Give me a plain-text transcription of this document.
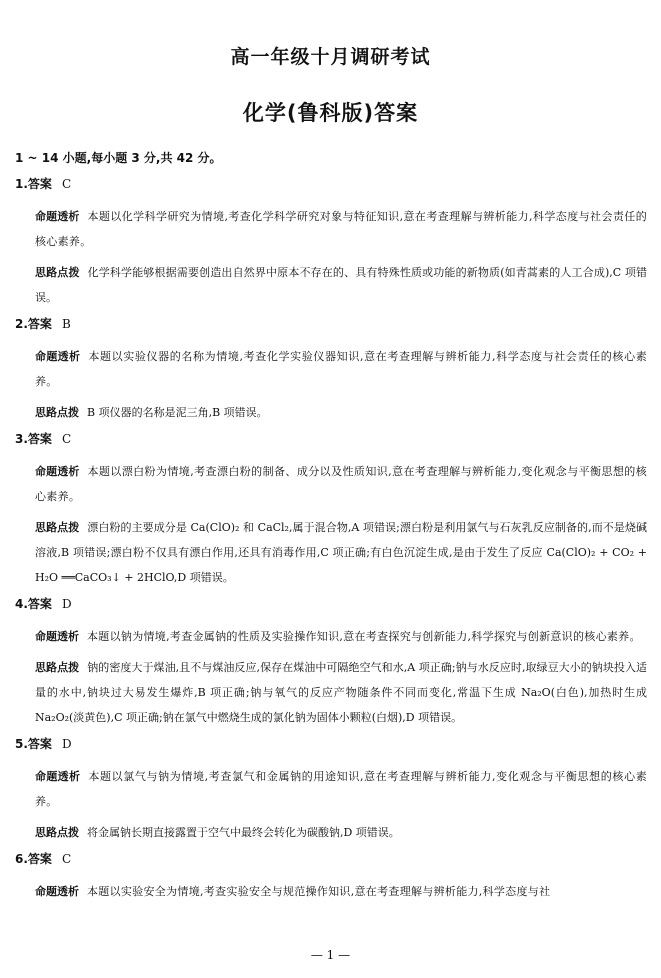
高一年级十月调研考试
化学(鲁科版)答案
1 ~ 14 小题,每小题 3 分,共 42 分。
1.答案 C
命题透析 本题以化学科学研究为情境,考查化学科学研究对象与特征知识,意在考查理解与辨析能力,科学态度与社会责任的核心素养。
思路点拨 化学科学能够根据需要创造出自然界中原本不存在的、具有特殊性质或功能的新物质(如青蒿素的人工合成),C 项错误。
2.答案 B
命题透析 本题以实验仪器的名称为情境,考查化学实验仪器知识,意在考查理解与辨析能力,科学态度与社会责任的核心素养。
思路点拨 B 项仪器的名称是泥三角,B 项错误。
3.答案 C
命题透析 本题以漂白粉为情境,考查漂白粉的制备、成分以及性质知识,意在考查理解与辨析能力,变化观念与平衡思想的核心素养。
思路点拨 漂白粉的主要成分是 Ca(ClO)₂ 和 CaCl₂,属于混合物,A 项错误;漂白粉是利用氯气与石灰乳反应制备的,而不是烧碱溶液,B 项错误;漂白粉不仅具有漂白作用,还具有消毒作用,C 项正确;有白色沉淀生成,是由于发生了反应 Ca(ClO)₂ + CO₂ + H₂O ══CaCO₃↓ + 2HClO,D 项错误。
4.答案 D
命题透析 本题以钠为情境,考查金属钠的性质及实验操作知识,意在考查探究与创新能力,科学探究与创新意识的核心素养。
思路点拨 钠的密度大于煤油,且不与煤油反应,保存在煤油中可隔绝空气和水,A 项正确;钠与水反应时,取绿豆大小的钠块投入适量的水中,钠块过大易发生爆炸,B 项正确;钠与氧气的反应产物随条件不同而变化,常温下生成 Na₂O(白色),加热时生成 Na₂O₂(淡黄色),C 项正确;钠在氯气中燃烧生成的氯化钠为固体小颗粒(白烟),D 项错误。
5.答案 D
命题透析 本题以氯气与钠为情境,考查氯气和金属钠的用途知识,意在考查理解与辨析能力,变化观念与平衡思想的核心素养。
思路点拨 将金属钠长期直接露置于空气中最终会转化为碳酸钠,D 项错误。
6.答案 C
命题透析 本题以实验安全为情境,考查实验安全与规范操作知识,意在考查理解与辨析能力,科学态度与社
— 1 —
